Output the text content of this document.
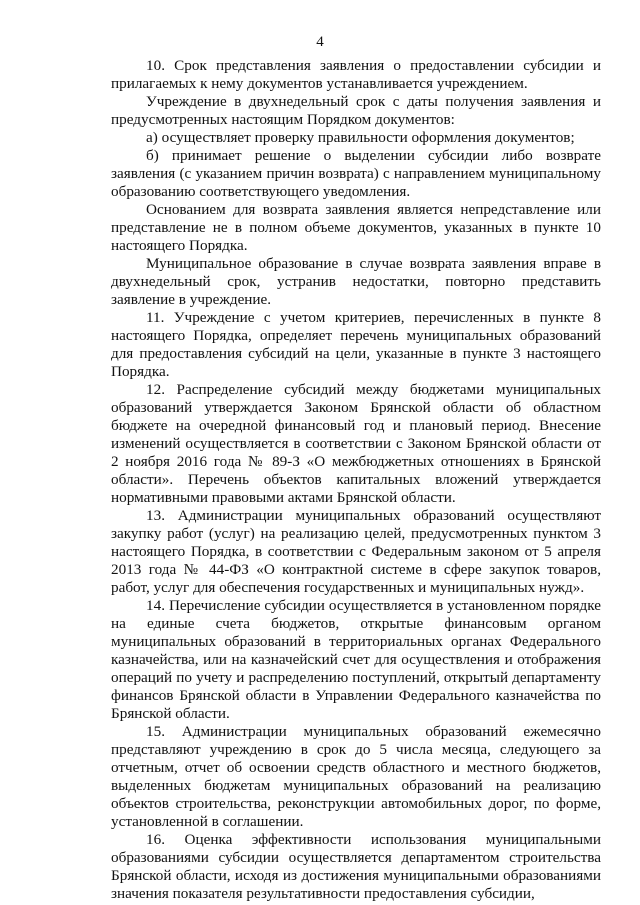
4

10. Срок представления заявления о предоставлении субсидии и прилагаемых к нему документов устанавливается учреждением.

Учреждение в двухнедельный срок с даты получения заявления и предусмотренных настоящим Порядком документов:

а) осуществляет проверку правильности оформления документов;

б) принимает решение о выделении субсидии либо возврате заявления (с указанием причин возврата) с направлением муниципальному образованию соответствующего уведомления.

Основанием для возврата заявления является непредставление или представление не в полном объеме документов, указанных в пункте 10 настоящего Порядка.

Муниципальное образование в случае возврата заявления вправе в двухнедельный срок, устранив недостатки, повторно представить заявление в учреждение.

11. Учреждение с учетом критериев, перечисленных в пункте 8 настоящего Порядка, определяет перечень муниципальных образований для предоставления субсидий на цели, указанные в пункте 3 настоящего Порядка.

12. Распределение субсидий между бюджетами муниципальных образований утверждается Законом Брянской области об областном бюджете на очередной финансовый год и плановый период. Внесение изменений осуществляется в соответствии с Законом Брянской области от 2 ноября 2016 года № 89-З «О межбюджетных отношениях в Брянской области». Перечень объектов капитальных вложений утверждается нормативными правовыми актами Брянской области.

13. Администрации муниципальных образований осуществляют закупку работ (услуг) на реализацию целей, предусмотренных пунктом 3 настоящего Порядка, в соответствии с Федеральным законом от 5 апреля 2013 года № 44-ФЗ «О контрактной системе в сфере закупок товаров, работ, услуг для обеспечения государственных и муниципальных нужд».

14. Перечисление субсидии осуществляется в установленном порядке на единые счета бюджетов, открытые финансовым органом муниципальных образований в территориальных органах Федерального казначейства, или на казначейский счет для осуществления и отображения операций по учету и распределению поступлений, открытый департаменту финансов Брянской области в Управлении Федерального казначейства по Брянской области.

15. Администрации муниципальных образований ежемесячно представляют учреждению в срок до 5 числа месяца, следующего за отчетным, отчет об освоении средств областного и местного бюджетов, выделенных бюджетам муниципальных образований на реализацию объектов строительства, реконструкции автомобильных дорог, по форме, установленной в соглашении.

16. Оценка эффективности использования муниципальными образованиями субсидии осуществляется департаментом строительства Брянской области, исходя из достижения муниципальными образованиями значения показателя результативности предоставления субсидии,
